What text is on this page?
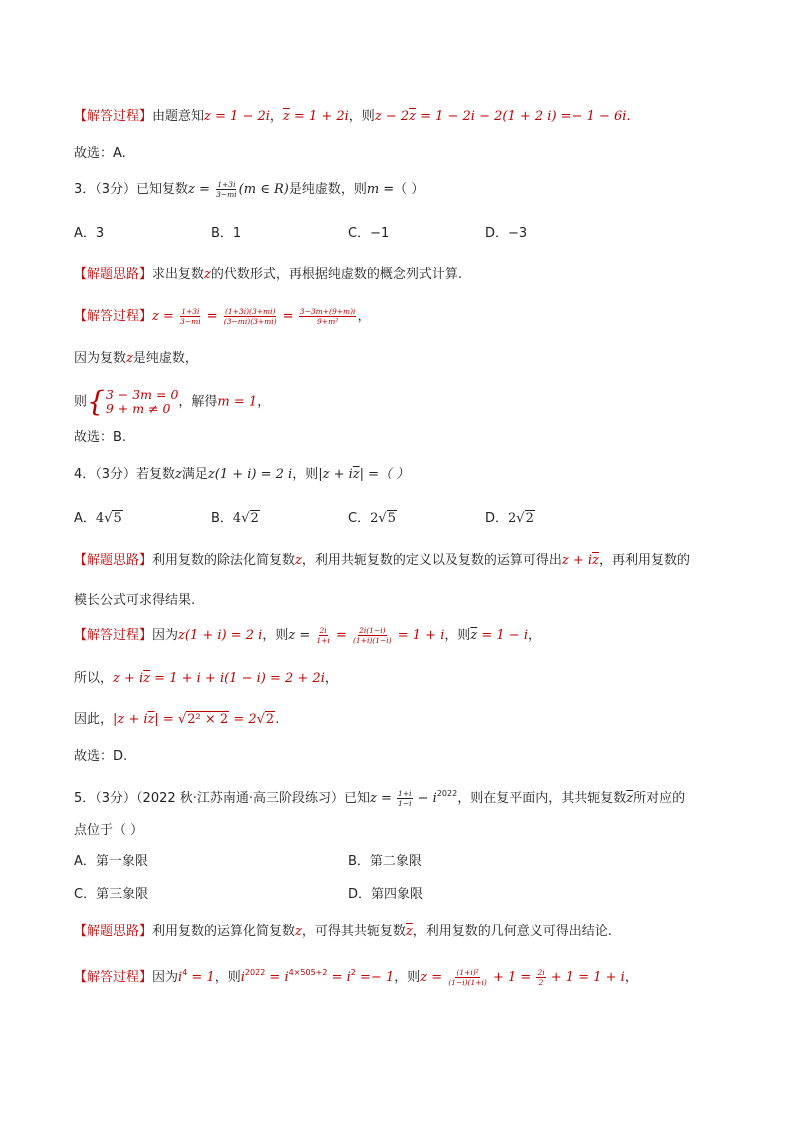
【解答过程】由题意知z = 1 − 2i，$\overline{z} = 1 + 2i$，则$z - 2\overline{z} = 1 - 2i - 2(1 + 2$ i) =− 1 − 6i.
故选：A.
3．（3分）已知复数$z = \frac{1+3i}{3-mi} (m$ ∈ R)是纯虚数，则m =（ ）
A．3	B．1	C．−1	D．−3
【解题思路】求出复数z的代数形式，再根据纯虚数的概念列式计算.
【解答过程】$z = \frac{1+3i}{3-mi} = \frac{(1+3i)(3+mi)}{(3-mi)(3+mi)} = \frac{3-3m+(9+m)i}{\text{9+m²}}$ ，
因为复数z是纯虚数，
则 { 3 − 3m = 0
9 + m ≠ 0 ，解得m = 1，
故选：B.
4．（3分）若复数z满足z(1 + i) = 2 i，则$|z + i\overline{z}|$ =（ ）
A．4√5	B．4√2	C．2√5	D．2√2
【解题思路】利用复数的除法化简复数z，利用共轭复数的定义以及复数的运算可得出$z + i\overline{z}$，再利用复数的
模长公式可求得结果.
【解答过程】因为z(1 + i) = 2 i，则$z = \frac{2i}{1+i} = \frac{2i(1-i)}{(1+i)(1-i)} = 1 + i$，则$\overline{z} = 1 - i$，
所以，$z + i\overline{z} = 1 + i + i(1 - i) = 2 + 2i$，
因此，$|z + i\overline{z}| = √2^2 \times 2 = 2√2$.
故选：D.
5．（3分）（2022 秋·江苏南通·高三阶段练习）已知$z = \frac{1+i}{1-i} - i^{2022}$，则在复平面内，其共轭复数$\overline{z}$所对应的
点位于（ ）
A．第一象限	B．第二象限
C．第三象限	D．第四象限
【解题思路】利用复数的运算化简复数z，可得其共轭复数$\overline{z}$，利用复数的几何意义可得出结论.
【解答过程】因为$i^4 = 1$，则$i^{2022} = i^{4\times 505+2} = i^2 =- 1$，则$z = \frac{\text{(1+i)²}}{(1-i)(1+i)} + 1 = \frac{2i}{2} + 1 = 1 + i$，
